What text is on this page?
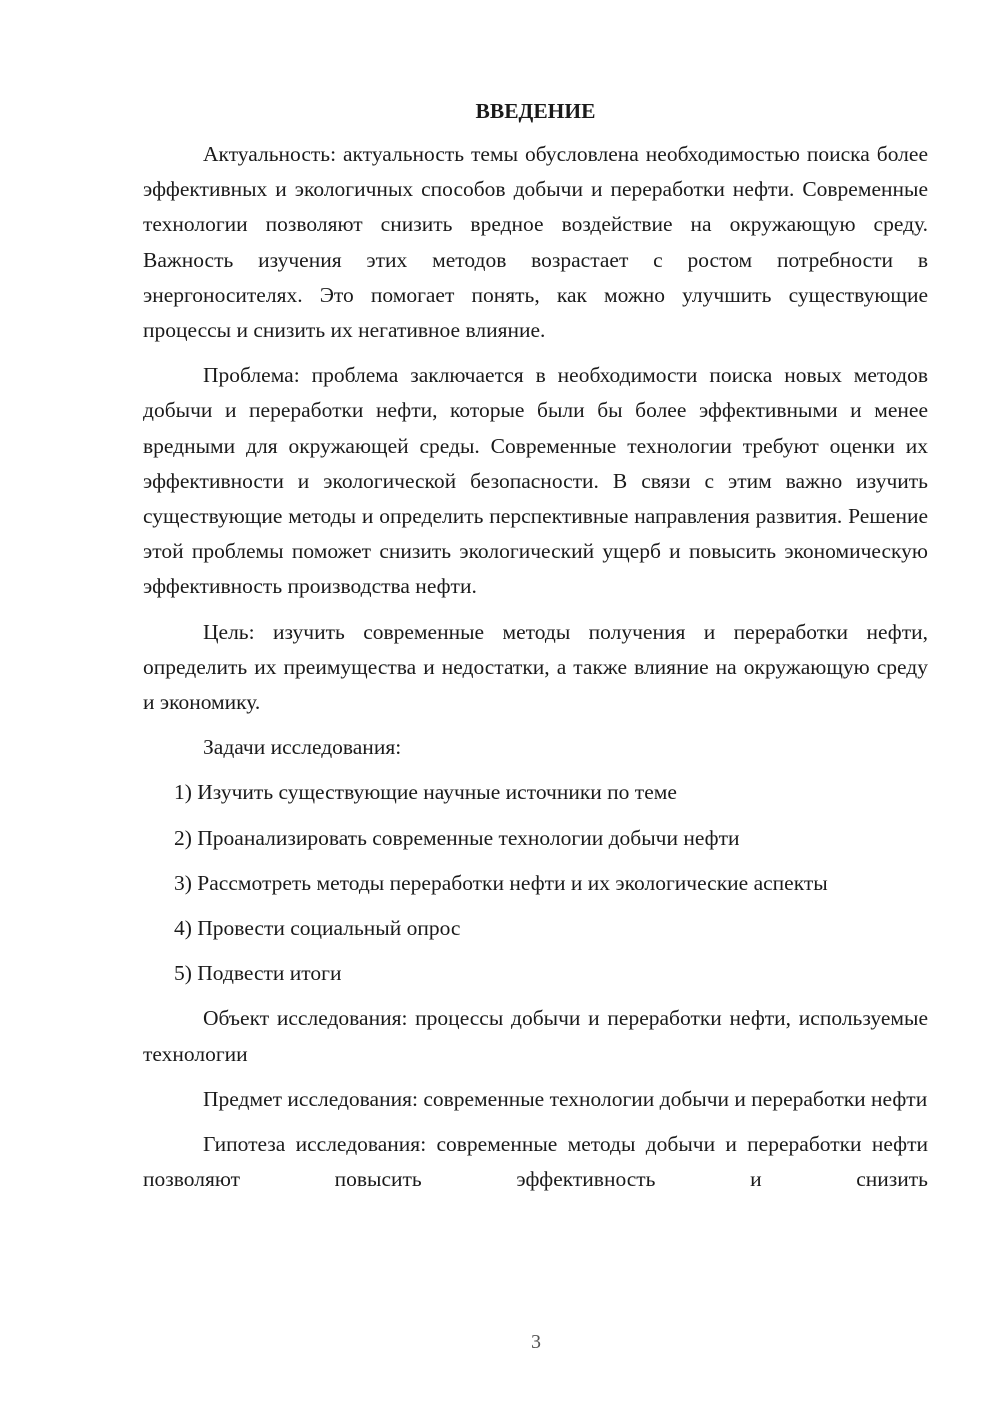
ВВЕДЕНИЕ

Актуальность: актуальность темы обусловлена необходимостью поиска более эффективных и экологичных способов добычи и переработки нефти. Современные технологии позволяют снизить вредное воздействие на окружающую среду. Важность изучения этих методов возрастает с ростом потребности в энергоносителях. Это помогает понять, как можно улучшить существующие процессы и снизить их негативное влияние.

Проблема: проблема заключается в необходимости поиска новых методов добычи и переработки нефти, которые были бы более эффективными и менее вредными для окружающей среды. Современные технологии требуют оценки их эффективности и экологической безопасности. В связи с этим важно изучить существующие методы и определить перспективные направления развития. Решение этой проблемы поможет снизить экологический ущерб и повысить экономическую эффективность производства нефти.

Цель: изучить современные методы получения и переработки нефти, определить их преимущества и недостатки, а также влияние на окружающую среду и экономику.

Задачи исследования:

1) Изучить существующие научные источники по теме
2) Проанализировать современные технологии добычи нефти
3) Рассмотреть методы переработки нефти и их экологические аспекты
4) Провести социальный опрос
5) Подвести итоги

Объект исследования: процессы добычи и переработки нефти, используемые технологии

Предмет исследования: современные технологии добычи и переработки нефти

Гипотеза исследования: современные методы добычи и переработки нефти позволяют повысить эффективность и снизить

3
